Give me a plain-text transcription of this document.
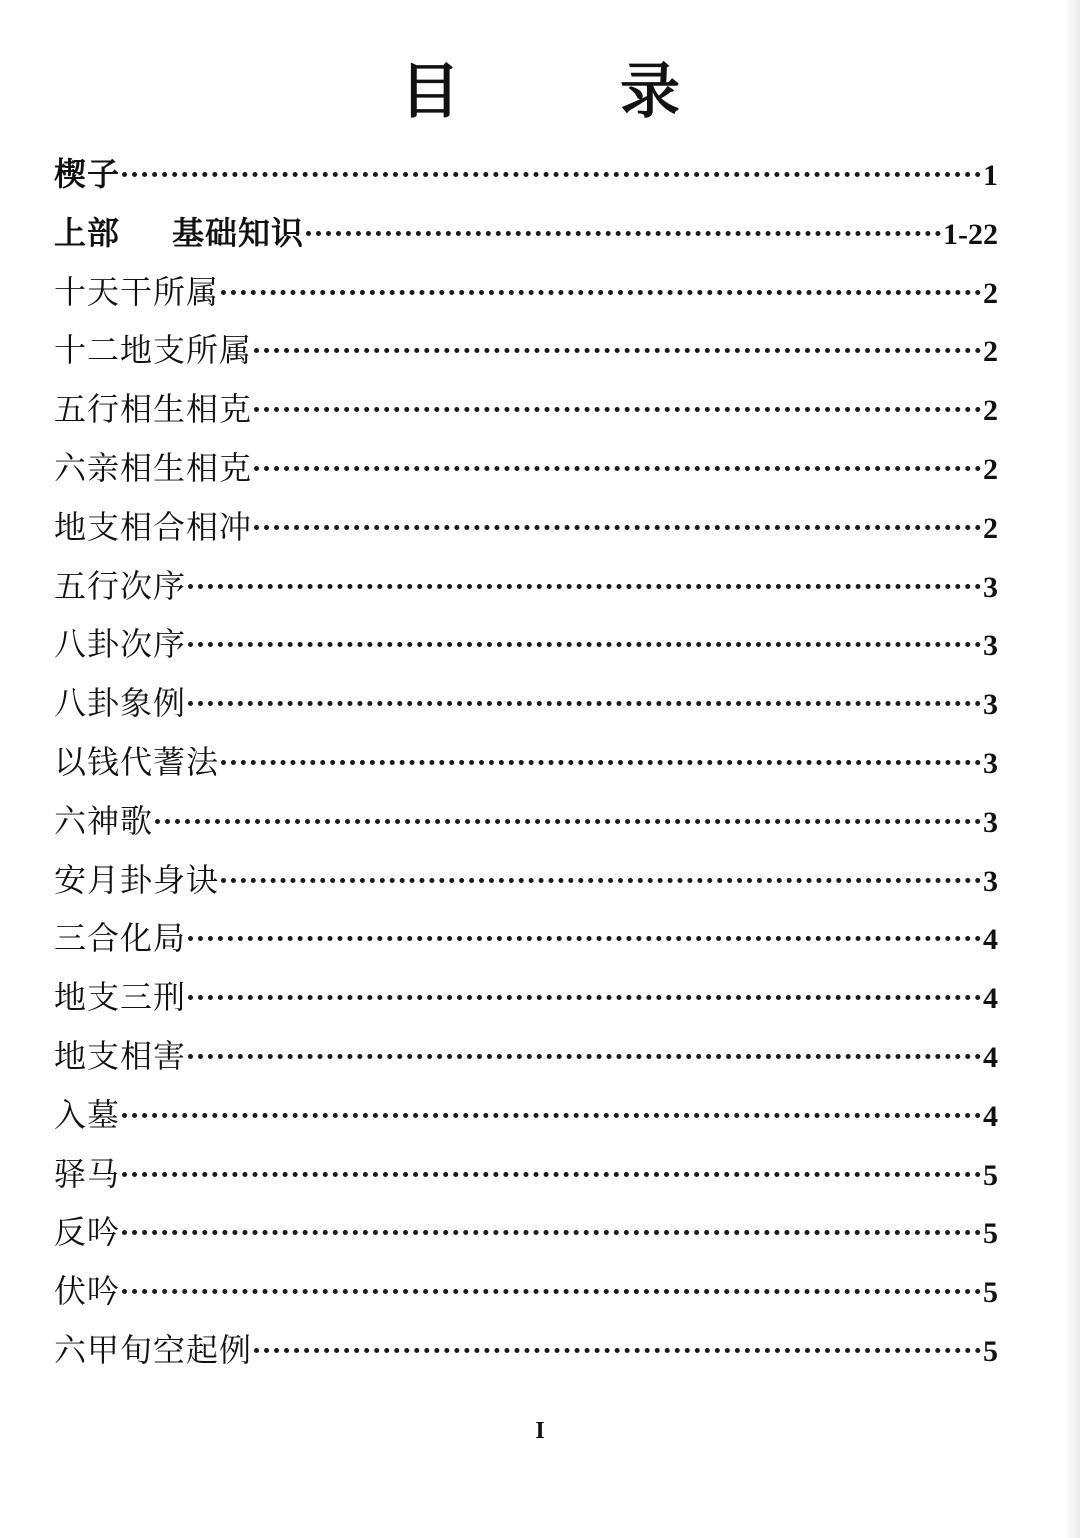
目　录
楔子	1
上部 基础知识	1-22
十天干所属	2
十二地支所属	2
五行相生相克	2
六亲相生相克	2
地支相合相冲	2
五行次序	3
八卦次序	3
八卦象例	3
以钱代蓍法	3
六神歌	3
安月卦身诀	3
三合化局	4
地支三刑	4
地支相害	4
入墓	4
驿马	5
反吟	5
伏吟	5
六甲旬空起例	5
I
